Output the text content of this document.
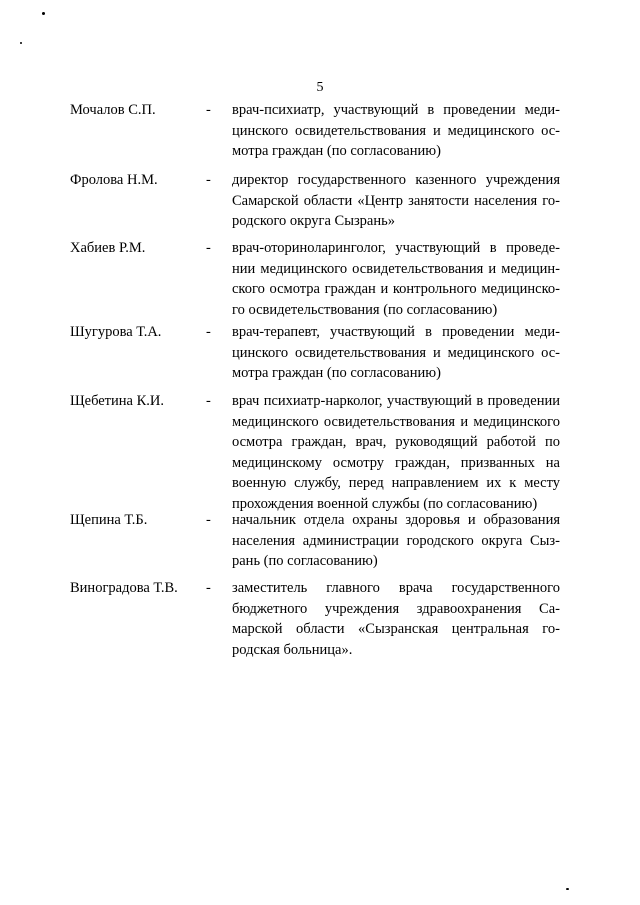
5
Мочалов С.П.	- врач-психиатр, участвующий в проведении медицинского освидетельствования и медицинского осмотра граждан (по согласованию)
Фролова Н.М.	- директор государственного казенного учреждения Самарской области «Центр занятости населения городского округа Сызрань»
Хабиев Р.М.	- врач-оториноларинголог, участвующий в проведении медицинского освидетельствования и медицинского осмотра граждан и контрольного медицинского освидетельствования (по согласованию)
Шугурова Т.А.	- врач-терапевт, участвующий в проведении медицинского освидетельствования и медицинского осмотра граждан (по согласованию)
Щебетина К.И.	- врач психиатр-нарколог, участвующий в проведении медицинского освидетельствования и медицинского осмотра граждан, врач, руководящий работой по медицинскому осмотру граждан, призванных на военную службу, перед направлением их к месту прохождения военной службы (по согласованию)
Щепина Т.Б.	- начальник отдела охраны здоровья и образования населения администрации городского округа Сызрань (по согласованию)
Виноградова Т.В.	- заместитель главного врача государственного бюджетного учреждения здравоохранения Самарской области «Сызранская центральная городская больница».
